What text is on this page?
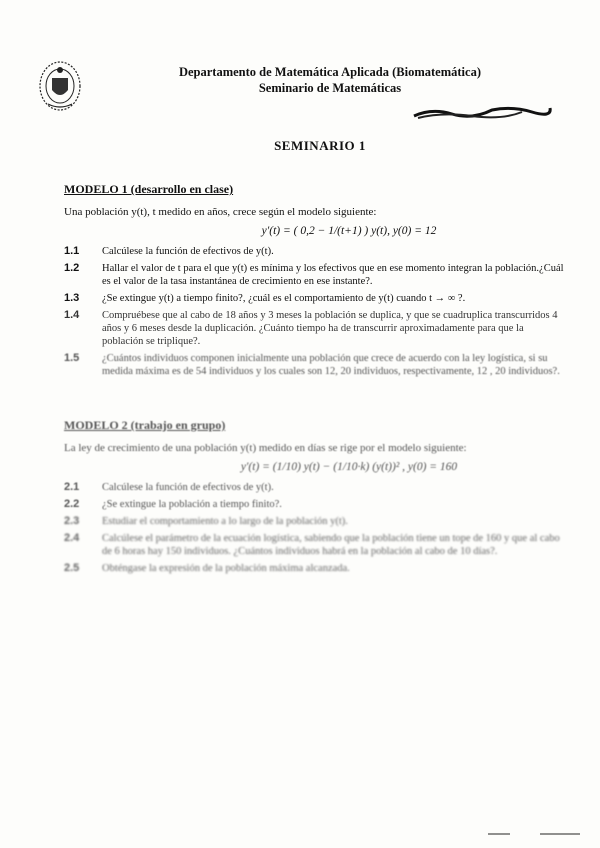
Departamento de Matemática Aplicada (Biomatemática)
Seminario de Matemáticas
SEMINARIO 1
MODELO 1 (desarrollo en clase)
Una población y(t), t medido en años, crece según el modelo siguiente:
y′(t) = ( 0,2 − 1/(t+1) ) y(t), y(0) = 12
1.1	Calcúlese la función de efectivos de y(t).
1.2	Hallar el valor de t para el que y(t) es mínima y los efectivos que en ese momento integran la población.¿Cuál es el valor de la tasa instantánea de crecimiento en ese instante?.
1.3	¿Se extingue y(t) a tiempo finito?, ¿cuál es el comportamiento de y(t) cuando t → ∞ ?.
1.4	Compruébese que al cabo de 18 años y 3 meses la población se duplica, y que se cuadruplica transcurridos 4 años y 6 meses desde la duplicación. ¿Cuánto tiempo ha de transcurrir aproximadamente para que la población se triplique?.
1.5	¿Cuántos individuos componen inicialmente una población que crece de acuerdo con la ley logística, si su medida máxima es de 54 individuos y los cuales son 12, 20 individuos, respectivamente, 12 , 20 individuos?.
MODELO 2 (trabajo en grupo)
La ley de crecimiento de una población y(t) medido en días se rige por el modelo siguiente:
y′(t) = (1/10) y(t) − (1/10·k) (y(t))² , y(0) = 160
2.1	Calcúlese la función de efectivos de y(t).
2.2	¿Se extingue la población a tiempo finito?.
2.3	Estudiar el comportamiento a lo largo de la población y(t).
2.4	Calcúlese el parámetro de la ecuación logística, sabiendo que la población tiene un tope de 160 y que al cabo de 6 horas hay 150 individuos. ¿Cuántos individuos habrá en la población al cabo de 10 días?.
2.5	Obténgase la expresión de la población máxima alcanzada.
